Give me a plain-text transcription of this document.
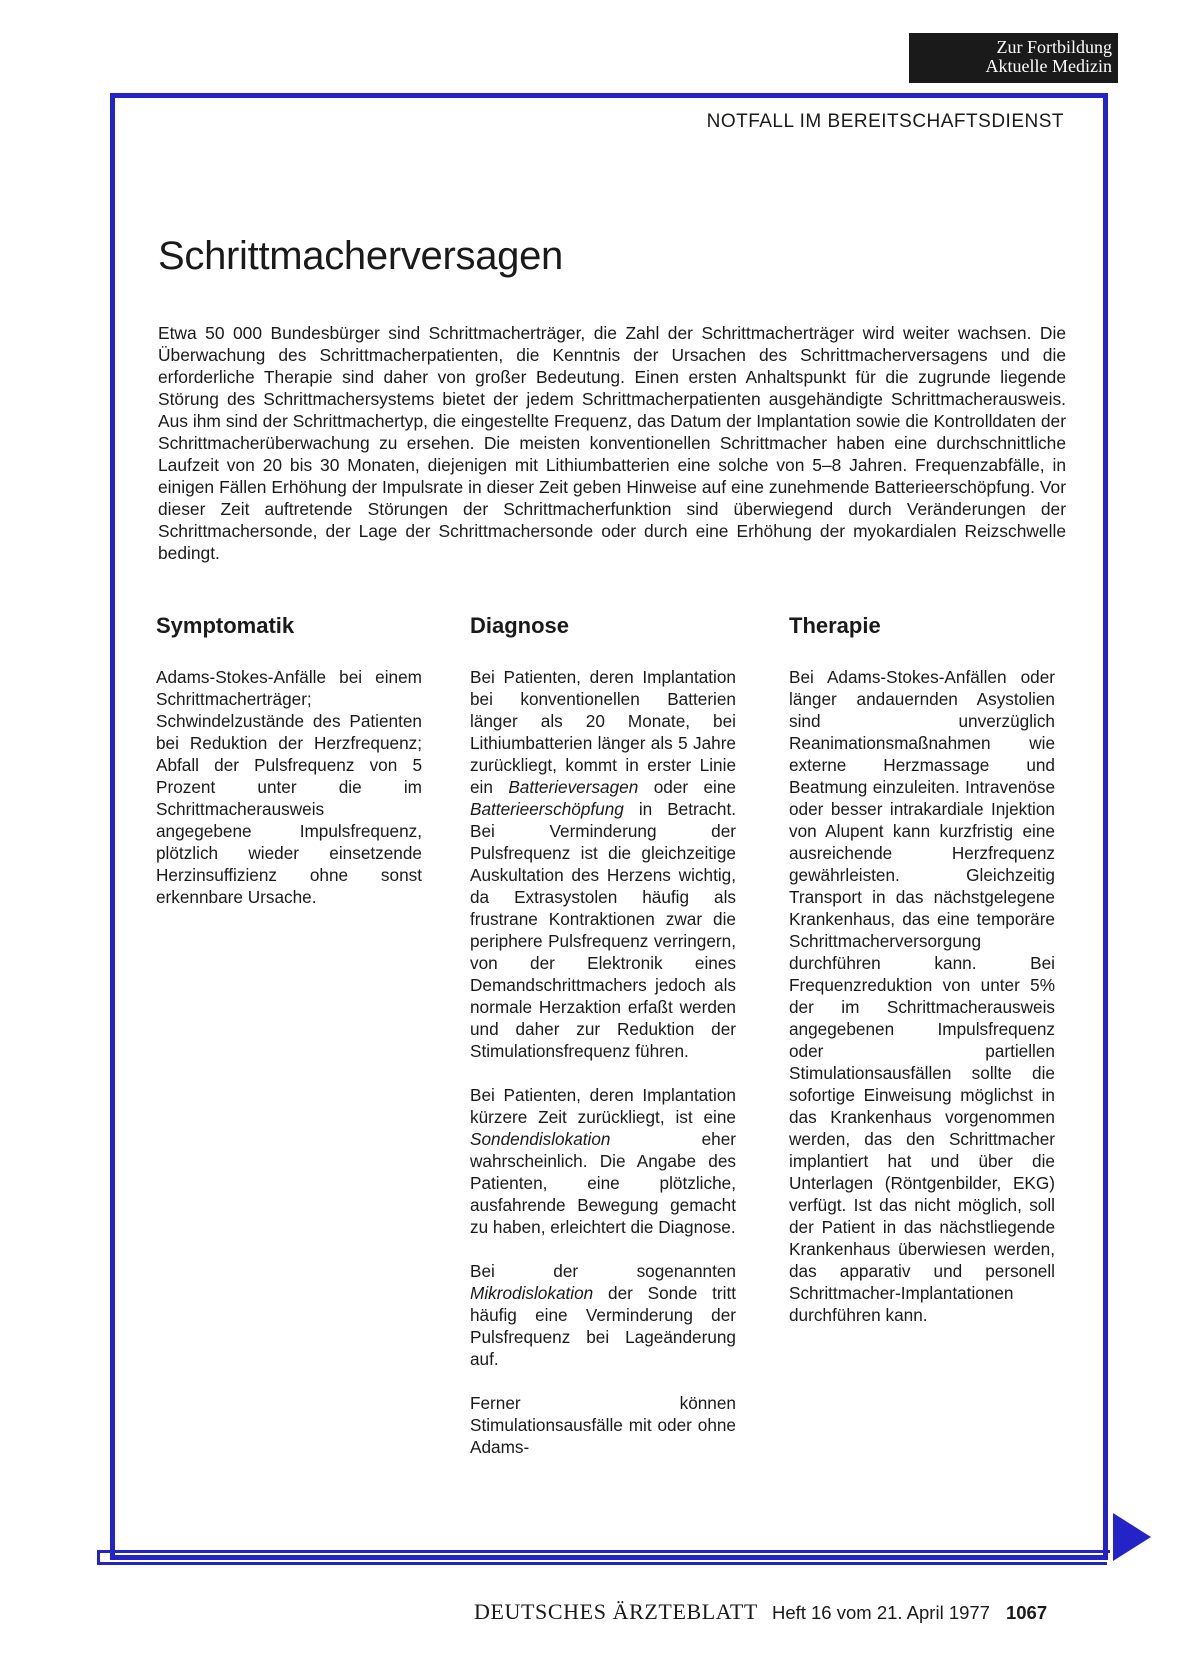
Zur Fortbildung
Aktuelle Medizin
NOTFALL IM BEREITSCHAFTSDIENST
Schrittmacherversagen

Etwa 50 000 Bundesbürger sind Schrittmacherträger, die Zahl der Schrittmacherträger wird weiter wachsen. Die Überwachung des Schrittmacherpatienten, die Kenntnis der Ursachen des Schrittmacherversagens und die erforderliche Therapie sind daher von großer Bedeutung. Einen ersten Anhaltspunkt für die zugrunde liegende Störung des Schrittmachersystems bietet der jedem Schrittmacherpatienten ausgehändigte Schrittmacherausweis. Aus ihm sind der Schrittmachertyp, die eingestellte Frequenz, das Datum der Implantation sowie die Kontrolldaten der Schrittmacherüberwachung zu ersehen. Die meisten konventionellen Schrittmacher haben eine durchschnittliche Laufzeit von 20 bis 30 Monaten, diejenigen mit Lithiumbatterien eine solche von 5–8 Jahren. Frequenzabfälle, in einigen Fällen Erhöhung der Impulsrate in dieser Zeit geben Hinweise auf eine zunehmende Batterieerschöpfung. Vor dieser Zeit auftretende Störungen der Schrittmacherfunktion sind überwiegend durch Veränderungen der Schrittmachersonde, der Lage der Schrittmachersonde oder durch eine Erhöhung der myokardialen Reizschwelle bedingt.

Symptomatik

Adams-Stokes-Anfälle bei einem Schrittmacherträger; Schwindelzustände des Patienten bei Reduktion der Herzfrequenz; Abfall der Pulsfrequenz von 5 Prozent unter die im Schrittmacherausweis angegebene Impulsfrequenz, plötzlich wieder einsetzende Herzinsuffizienz ohne sonst erkennbare Ursache.

Diagnose

Bei Patienten, deren Implantation bei konventionellen Batterien länger als 20 Monate, bei Lithiumbatterien länger als 5 Jahre zurückliegt, kommt in erster Linie ein Batterieversagen oder eine Batterieerschöpfung in Betracht. Bei Verminderung der Pulsfrequenz ist die gleichzeitige Auskultation des Herzens wichtig, da Extrasystolen häufig als frustrane Kontraktionen zwar die periphere Pulsfrequenz verringern, von der Elektronik eines Demandschrittmachers jedoch als normale Herzaktion erfaßt werden und daher zur Reduktion der Stimulationsfrequenz führen.

Bei Patienten, deren Implantation kürzere Zeit zurückliegt, ist eine Sondendislokation eher wahrscheinlich. Die Angabe des Patienten, eine plötzliche, ausfahrende Bewegung gemacht zu haben, erleichtert die Diagnose.

Bei der sogenannten Mikrodislokation der Sonde tritt häufig eine Verminderung der Pulsfrequenz bei Lageänderung auf.

Ferner können Stimulationsausfälle mit oder ohne Adams-

Therapie

Bei Adams-Stokes-Anfällen oder länger andauernden Asystolien sind unverzüglich Reanimationsmaßnahmen wie externe Herzmassage und Beatmung einzuleiten. Intravenöse oder besser intrakardiale Injektion von Alupent kann kurzfristig eine ausreichende Herzfrequenz gewährleisten. Gleichzeitig Transport in das nächstgelegene Krankenhaus, das eine temporäre Schrittmacherversorgung durchführen kann. Bei Frequenzreduktion von unter 5% der im Schrittmacherausweis angegebenen Impulsfrequenz oder partiellen Stimulationsausfällen sollte die sofortige Einweisung möglichst in das Krankenhaus vorgenommen werden, das den Schrittmacher implantiert hat und über die Unterlagen (Röntgenbilder, EKG) verfügt. Ist das nicht möglich, soll der Patient in das nächstliegende Krankenhaus überwiesen werden, das apparativ und personell Schrittmacher-Implantationen durchführen kann.

DEUTSCHES ÄRZTEBLATT Heft 16 vom 21. April 1977 1067
